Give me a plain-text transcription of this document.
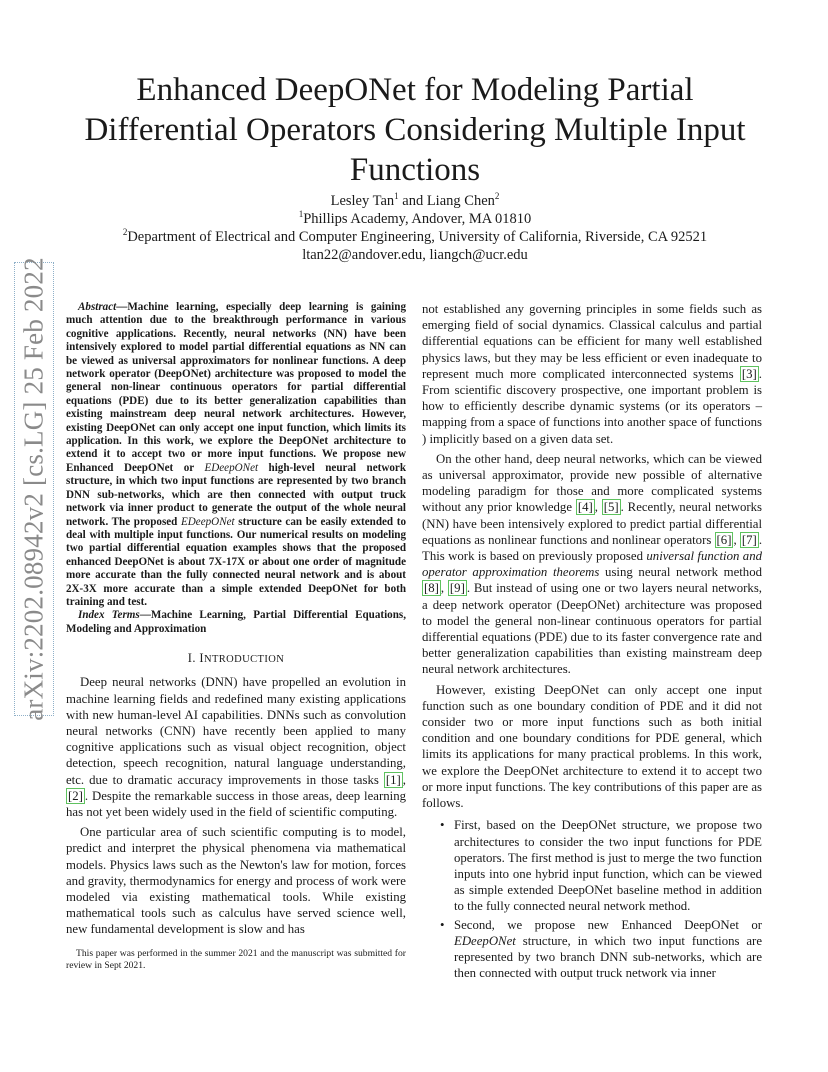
arXiv:2202.08942v2 [cs.LG] 25 Feb 2022
Enhanced DeepONet for Modeling Partial Differential Operators Considering Multiple Input Functions
Lesley Tan$^1$ and Liang Chen$^2$
$^1$Phillips Academy, Andover, MA 01810
$^2$Department of Electrical and Computer Engineering, University of California, Riverside, CA 92521
ltan22@andover.edu, liangch@ucr.edu

Abstract—Machine learning, especially deep learning is gaining much attention due to the breakthrough performance in various cognitive applications. Recently, neural networks (NN) have been intensively explored to model partial differential equations as NN can be viewed as universal approximators for nonlinear functions. A deep network operator (DeepONet) architecture was proposed to model the general non-linear continuous operators for partial differential equations (PDE) due to its better generalization capabilities than existing mainstream deep neural network architectures. However, existing DeepONet can only accept one input function, which limits its application. In this work, we explore the DeepONet architecture to extend it to accept two or more input functions. We propose new Enhanced DeepONet or EDeepONet high-level neural network structure, in which two input functions are represented by two branch DNN sub-networks, which are then connected with output truck network via inner product to generate the output of the whole neural network. The proposed EDeepONet structure can be easily extended to deal with multiple input functions. Our numerical results on modeling two partial differential equation examples shows that the proposed enhanced DeepONet is about 7X-17X or about one order of magnitude more accurate than the fully connected neural network and is about 2X-3X more accurate than a simple extended DeepONet for both training and test.

Index Terms—Machine Learning, Partial Differential Equations, Modeling and Approximation

I. INTRODUCTION

Deep neural networks (DNN) have propelled an evolution in machine learning fields and redefined many existing applications with new human-level AI capabilities. DNNs such as convolution neural networks (CNN) have recently been applied to many cognitive applications such as visual object recognition, object detection, speech recognition, natural language understanding, etc. due to dramatic accuracy improvements in those tasks [1] , [2] . Despite the remarkable success in those areas, deep learning has not yet been widely used in the field of scientific computing.

One particular area of such scientific computing is to model, predict and interpret the physical phenomena via mathematical models. Physics laws such as the Newton's law for motion, forces and gravity, thermodynamics for energy and process of work were modeled via existing mathematical tools. While existing mathematical tools such as calculus have served science well, new fundamental development is slow and has

This paper was performed in the summer 2021 and the manuscript was submitted for review in Sept 2021.

not established any governing principles in some fields such as emerging field of social dynamics. Classical calculus and partial differential equations can be efficient for many well established physics laws, but they may be less efficient or even inadequate to represent much more complicated interconnected systems [3] . From scientific discovery prospective, one important problem is how to efficiently describe dynamic systems (or its operators – mapping from a space of functions into another space of functions ) implicitly based on a given data set.

On the other hand, deep neural networks, which can be viewed as universal approximator, provide new possible of alternative modeling paradigm for those and more complicated systems without any prior knowledge [4] , [5] . Recently, neural networks (NN) have been intensively explored to predict partial differential equations as nonlinear functions and nonlinear operators [6] , [7] . This work is based on previously proposed universal function and operator approximation theorems using neural network method [8] , [9] . But instead of using one or two layers neural networks, a deep network operator (DeepONet) architecture was proposed to model the general non-linear continuous operators for partial differential equations (PDE) due to its faster convergence rate and better generalization capabilities than existing mainstream deep neural network architectures.

However, existing DeepONet can only accept one input function such as one boundary condition of PDE and it did not consider two or more input functions such as both initial condition and one boundary conditions for PDE general, which limits its applications for many practical problems. In this work, we explore the DeepONet architecture to extend it to accept two or more input functions. The key contributions of this paper are as follows.

• First, based on the DeepONet structure, we propose two architectures to consider the two input functions for PDE operators. The first method is just to merge the two function inputs into one hybrid input function, which can be viewed as simple extended DeepONet baseline method in addition to the fully connected neural network method.
• Second, we propose new Enhanced DeepONet or EDeepONet structure, in which two input functions are represented by two branch DNN sub-networks, which are then connected with output truck network via inner
